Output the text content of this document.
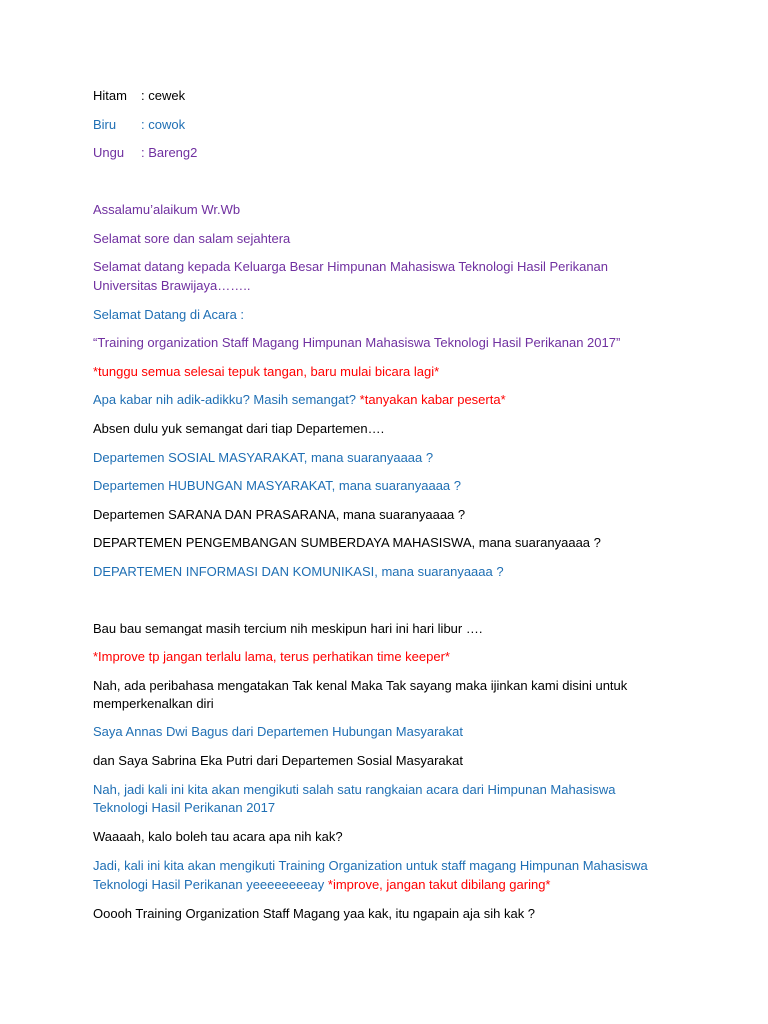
Hitam : cewek

Biru : cowok

Ungu : Bareng2

Assalamu’alaikum Wr.Wb

Selamat sore dan salam sejahtera

Selamat datang kepada Keluarga Besar Himpunan Mahasiswa Teknologi Hasil Perikanan

Universitas Brawijaya……..

Selamat Datang di Acara :

“Training organization Staff Magang Himpunan Mahasiswa Teknologi Hasil Perikanan 2017”

*tunggu semua selesai tepuk tangan, baru mulai bicara lagi*

Apa kabar nih adik-adikku? Masih semangat? *tanyakan kabar peserta*

Absen dulu yuk semangat dari tiap Departemen….

Departemen SOSIAL MASYARAKAT, mana suaranyaaaa ?

Departemen HUBUNGAN MASYARAKAT, mana suaranyaaaa ?

Departemen SARANA DAN PRASARANA, mana suaranyaaaa ?

DEPARTEMEN PENGEMBANGAN SUMBERDAYA MAHASISWA, mana suaranyaaaa ?

DEPARTEMEN INFORMASI DAN KOMUNIKASI, mana suaranyaaaa ?

Bau bau semangat masih tercium nih meskipun hari ini hari libur ….

*Improve tp jangan terlalu lama, terus perhatikan time keeper*

Nah, ada peribahasa mengatakan Tak kenal Maka Tak sayang maka ijinkan kami disini untuk

memperkenalkan diri

Saya Annas Dwi Bagus dari Departemen Hubungan Masyarakat

dan Saya Sabrina Eka Putri dari Departemen Sosial Masyarakat

Nah, jadi kali ini kita akan mengikuti salah satu rangkaian acara dari Himpunan Mahasiswa

Teknologi Hasil Perikanan 2017

Waaaah, kalo boleh tau acara apa nih kak?

Jadi, kali ini kita akan mengikuti Training Organization untuk staff magang Himpunan Mahasiswa

Teknologi Hasil Perikanan yeeeeeeeeay *improve, jangan takut dibilang garing*

Ooooh Training Organization Staff Magang yaa kak, itu ngapain aja sih kak ?
